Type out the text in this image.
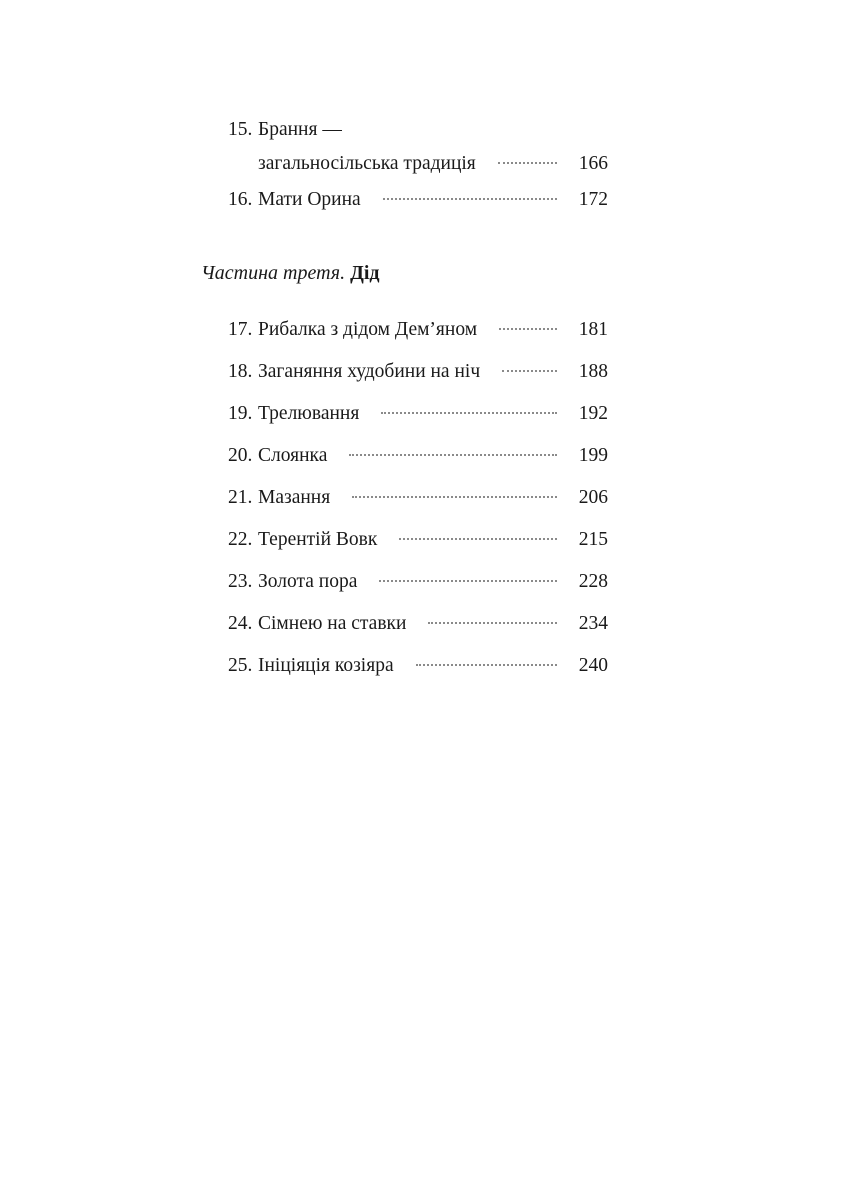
15. Брання —
загальносільська традиція	166
16. Мати Орина	172
Частина третя. Дід
17. Рибалка з дідом Дем’яном	181
18. Заганяння худобини на ніч	188
19. Трелювання	192
20. Слоянка	199
21. Мазання	206
22. Терентій Вовк	215
23. Золота пора	228
24. Сімнею на ставки	234
25. Ініціяція козіяра	240
